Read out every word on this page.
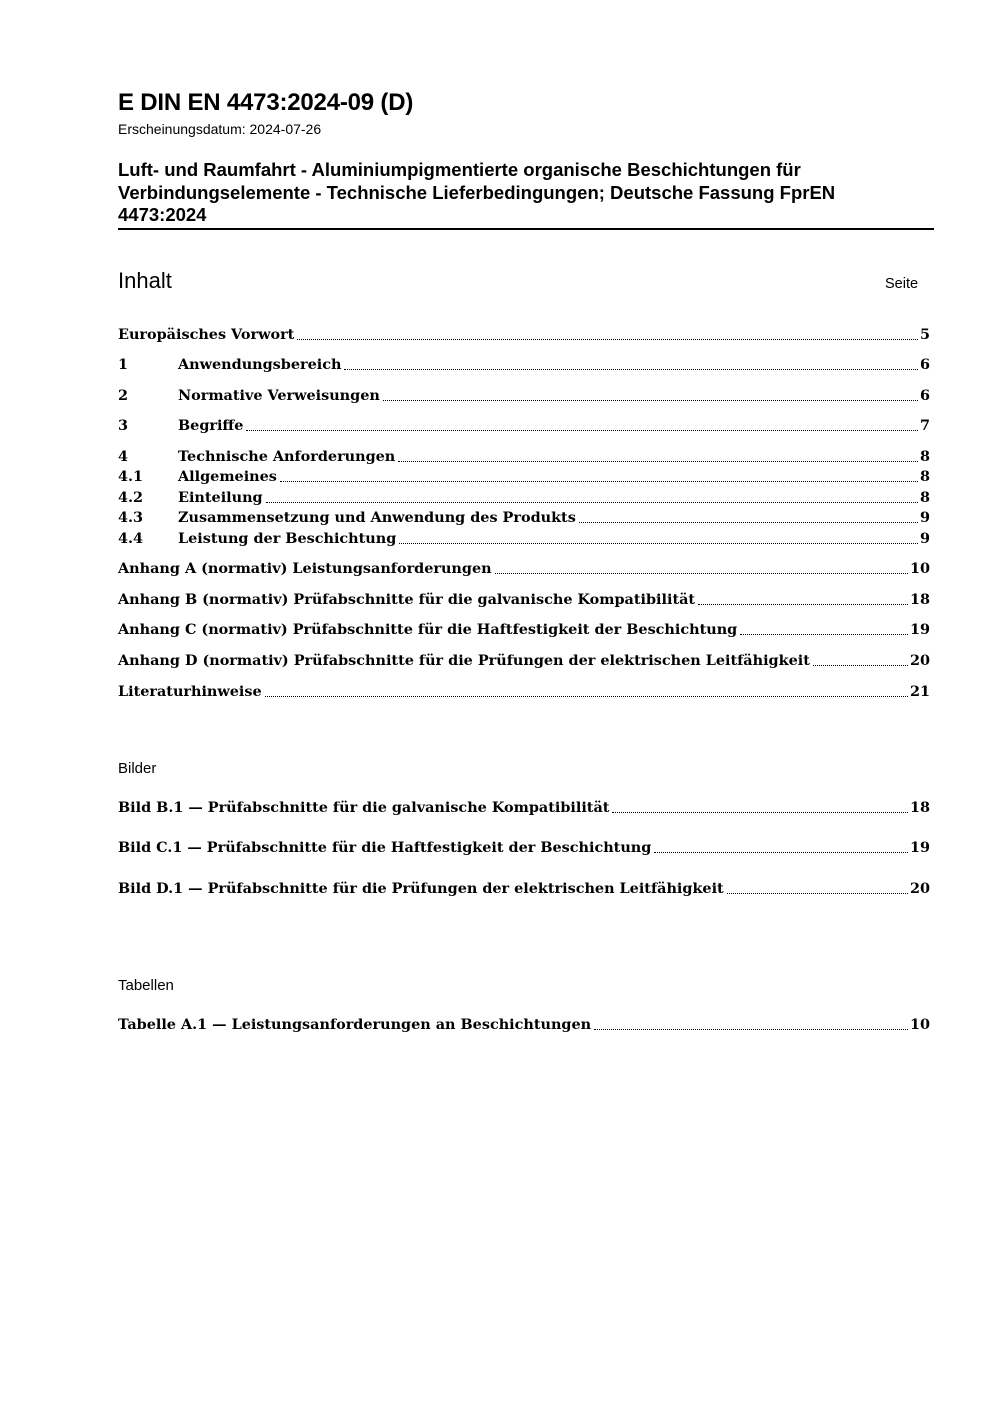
E DIN EN 4473:2024-09 (D)
Erscheinungsdatum: 2024-07-26
Luft- und Raumfahrt - Aluminiumpigmentierte organische Beschichtungen für
Verbindungselemente - Technische Lieferbedingungen; Deutsche Fassung FprEN
4473:2024
Inhalt	Seite
Europäisches Vorwort	5
1	Anwendungsbereich	6
2	Normative Verweisungen	6
3	Begriffe	7
4	Technische Anforderungen	8
4.1	Allgemeines	8
4.2	Einteilung	8
4.3	Zusammensetzung und Anwendung des Produkts	9
4.4	Leistung der Beschichtung	9
Anhang A (normativ) Leistungsanforderungen	10
Anhang B (normativ) Prüfabschnitte für die galvanische Kompatibilität	18
Anhang C (normativ) Prüfabschnitte für die Haftfestigkeit der Beschichtung	19
Anhang D (normativ) Prüfabschnitte für die Prüfungen der elektrischen Leitfähigkeit	20
Literaturhinweise	21
Bilder
Bild B.1 — Prüfabschnitte für die galvanische Kompatibilität	18
Bild C.1 — Prüfabschnitte für die Haftfestigkeit der Beschichtung	19
Bild D.1 — Prüfabschnitte für die Prüfungen der elektrischen Leitfähigkeit	20
Tabellen
Tabelle A.1 — Leistungsanforderungen an Beschichtungen	10
